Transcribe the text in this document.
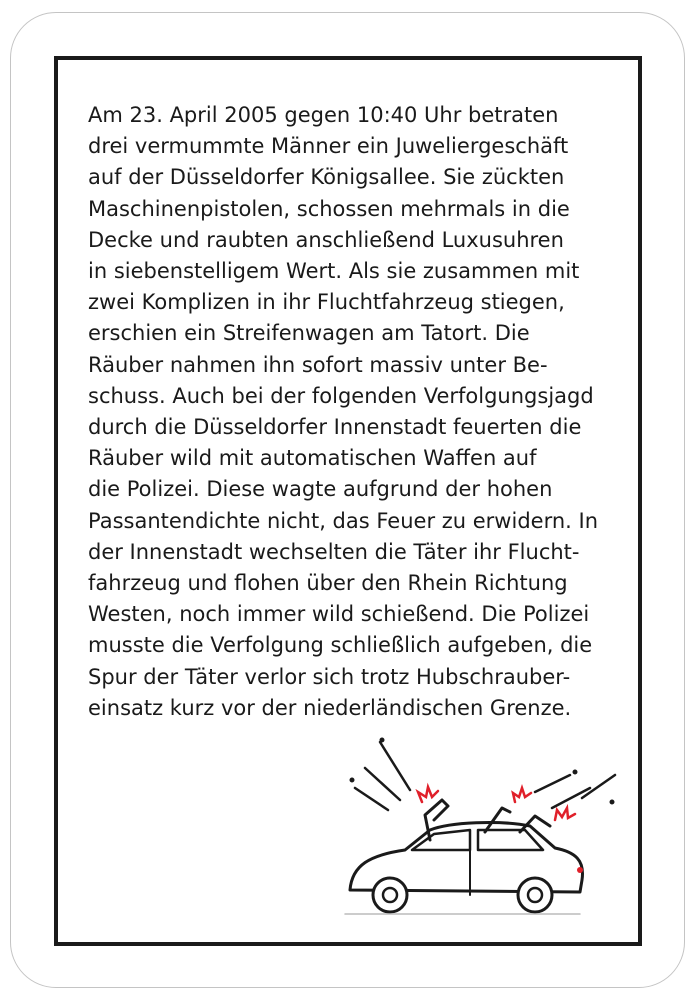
Am 23. April 2005 gegen 10:40 Uhr betraten
drei vermummte Männer ein Juweliergeschäft
auf der Düsseldorfer Königsallee. Sie zückten
Maschinenpistolen, schossen mehrmals in die
Decke und raubten anschließend Luxusuhren
in siebenstelligem Wert. Als sie zusammen mit
zwei Komplizen in ihr Fluchtfahrzeug stiegen,
erschien ein Streifenwagen am Tatort. Die
Räuber nahmen ihn sofort massiv unter Be-
schuss. Auch bei der folgenden Verfolgungsjagd
durch die Düsseldorfer Innenstadt feuerten die
Räuber wild mit automatischen Waffen auf
die Polizei. Diese wagte aufgrund der hohen
Passantendichte nicht, das Feuer zu erwidern. In
der Innenstadt wechselten die Täter ihr Flucht-
fahrzeug und flohen über den Rhein Richtung
Westen, noch immer wild schießend. Die Polizei
musste die Verfolgung schließlich aufgeben, die
Spur der Täter verlor sich trotz Hubschrauber-
einsatz kurz vor der niederländischen Grenze.
